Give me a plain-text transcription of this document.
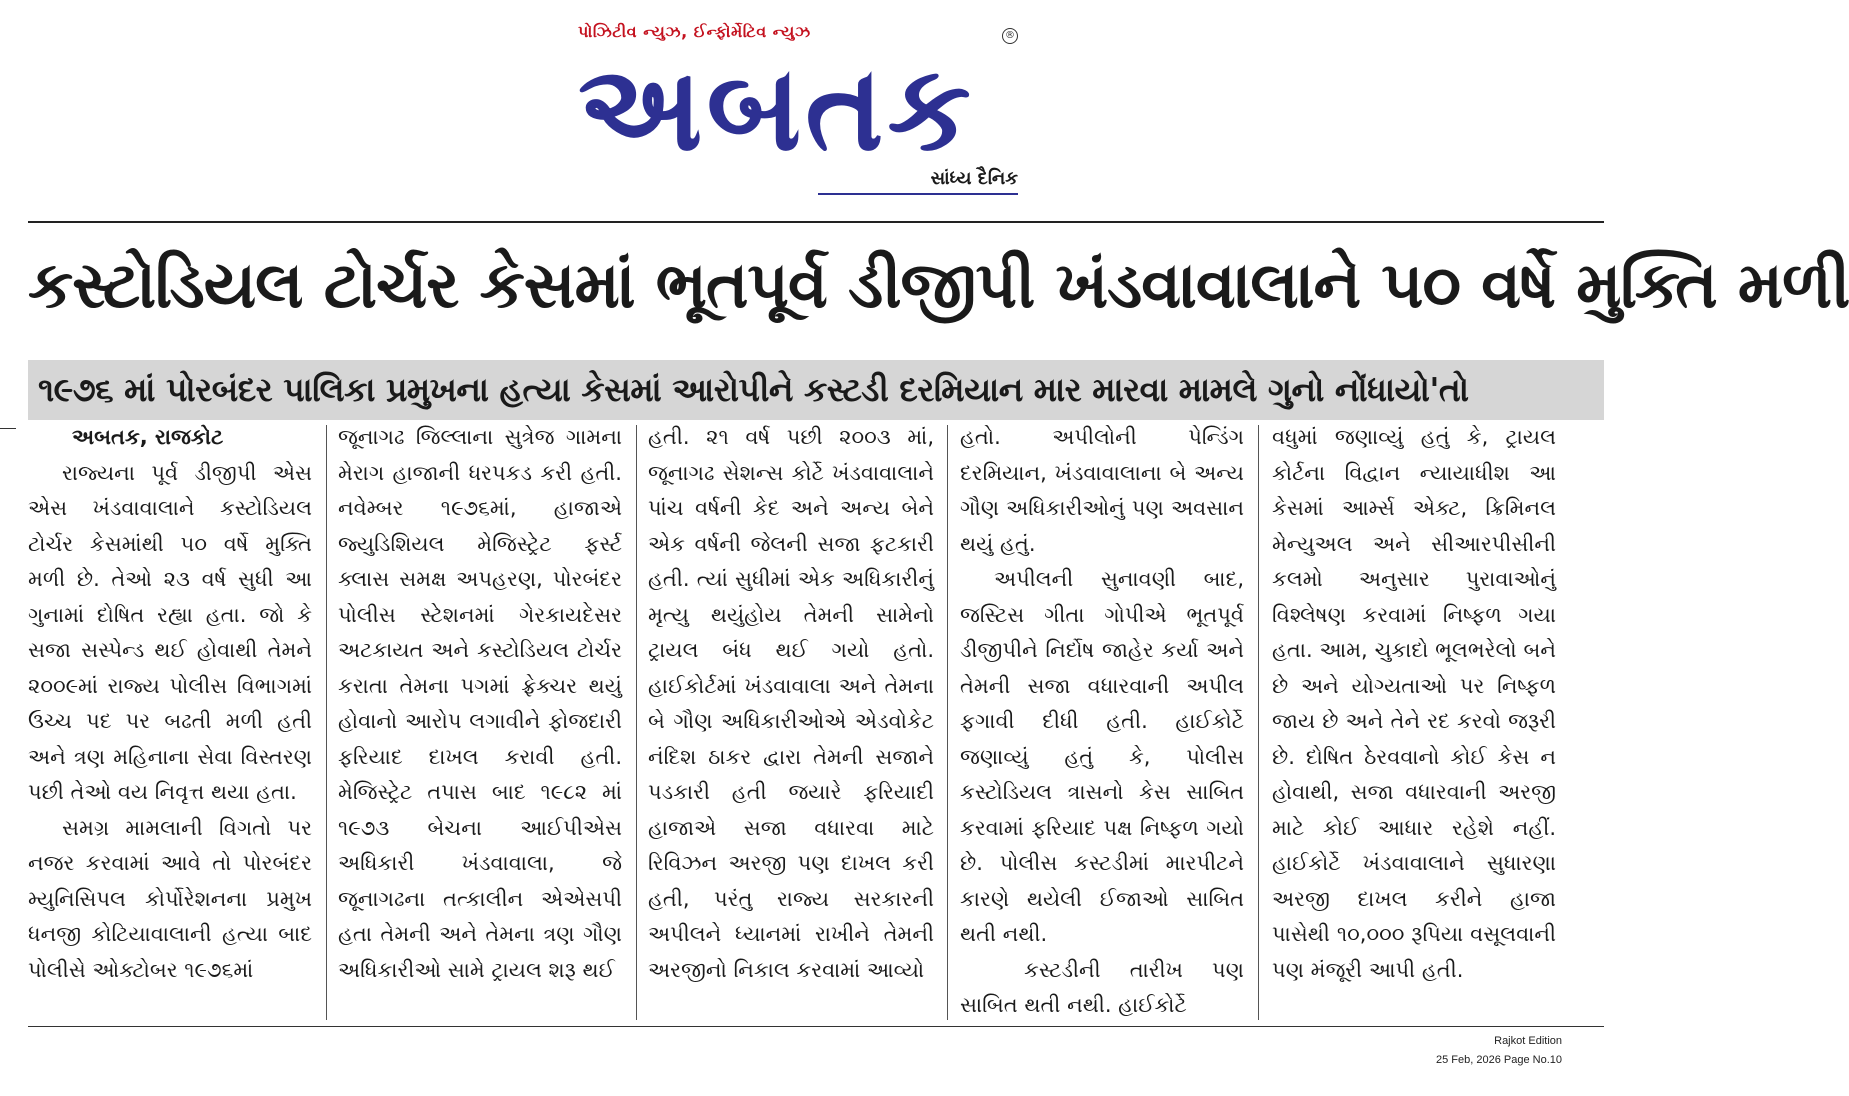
પોઝિટીવ ન્યુઝ, ઈન્ફોર્મેટિવ ન્યુઝ
અબતક
®
સાંધ્ય દૈનિક
કસ્ટોડિયલ ટોર્ચર કેસમાં ભૂતપૂર્વ ડીજીપી ખંડવાવાલાને ૫૦ વર્ષે મુક્તિ મળી
૧૯૭૬ માં પોરબંદર પાલિકા પ્રમુખના હત્યા કેસમાં આરોપીને કસ્ટડી દરમિયાન માર મારવા મામલે ગુનો નોંધાયો'તો

અબતક, રાજકોટ

રાજ્યના પૂર્વ ડીજીપી એસ એસ ખંડવાવાલાને કસ્ટોડિયલ ટોર્ચર કેસમાંથી ૫૦ વર્ષે મુક્તિ મળી છે. તેઓ ૨૩ વર્ષ સુધી આ ગુનામાં દોષિત રહ્યા હતા. જો કે સજા સસ્પેન્ડ થઈ હોવાથી તેમને ૨૦૦૯માં રાજ્ય પોલીસ વિભાગમાં ઉચ્ચ પદ પર બઢતી મળી હતી અને ત્રણ મહિનાના સેવા વિસ્તરણ પછી તેઓ વય નિવૃત્ત થયા હતા.

સમગ્ર મામલાની વિગતો પર નજર કરવામાં આવે તો પોરબંદર મ્યુનિસિપલ કોર્પોરેશનના પ્રમુખ ધનજી કોટિયાવાલાની હત્યા બાદ પોલીસે ઓક્ટોબર ૧૯૭૬માં

જૂનાગઢ જિલ્લાના સુત્રેજ ગામના મેરાગ હાજાની ધરપકડ કરી હતી. નવેમ્બર ૧૯૭૬માં, હાજાએ જ્યુડિશિયલ મેજિસ્ટ્રેટ ફર્સ્ટ ક્લાસ સમક્ષ અપહરણ, પોરબંદર પોલીસ સ્ટેશનમાં ગેરકાયદેસર અટકાયત અને કસ્ટોડિયલ ટોર્ચર કરાતા તેમના પગમાં ફ્રેક્ચર થયું હોવાનો આરોપ લગાવીને ફોજદારી ફરિયાદ દાખલ કરાવી હતી. મેજિસ્ટ્રેટ તપાસ બાદ ૧૯૮૨ માં ૧૯૭૩ બેચના આઈપીએસ અધિકારી ખંડવાવાલા, જે જૂનાગઢના તત્કાલીન એએસપી હતા તેમની અને તેમના ત્રણ ગૌણ અધિકારીઓ સામે ટ્રાયલ શરૂ થઈ

હતી. ૨૧ વર્ષ પછી ૨૦૦૩ માં, જૂનાગઢ સેશન્સ કોર્ટે ખંડવાવાલાને પાંચ વર્ષની કેદ અને અન્ય બેને એક વર્ષની જેલની સજા ફટકારી હતી. ત્યાં સુધીમાં એક અધિકારીનું મૃત્યુ થયુંહોય તેમની સામેનો ટ્રાયલ બંધ થઈ ગયો હતો. હાઈકોર્ટમાં ખંડવાવાલા અને તેમના બે ગૌણ અધિકારીઓએ એડવોકેટ નંદિશ ઠાકર દ્વારા તેમની સજાને પડકારી હતી જયારે ફરિયાદી હાજાએ સજા વધારવા માટે રિવિઝન અરજી પણ દાખલ કરી હતી, પરંતુ રાજ્ય સરકારની અપીલને ધ્યાનમાં રાખીને તેમની અરજીનો નિકાલ કરવામાં આવ્યો

હતો. અપીલોની પેન્ડિંગ દરમિયાન, ખંડવાવાલાના બે અન્ય ગૌણ અધિકારીઓનું પણ અવસાન થયું હતું.

અપીલની સુનાવણી બાદ, જસ્ટિસ ગીતા ગોપીએ ભૂતપૂર્વ ડીજીપીને નિર્દોષ જાહેર કર્યા અને તેમની સજા વધારવાની અપીલ ફગાવી દીધી હતી. હાઈકોર્ટે જણાવ્યું હતું કે, પોલીસ કસ્ટોડિયલ ત્રાસનો કેસ સાબિત કરવામાં ફરિયાદ પક્ષ નિષ્ફળ ગયો છે. પોલીસ કસ્ટડીમાં મારપીટને કારણે થયેલી ઈજાઓ સાબિત થતી નથી.

કસ્ટડીની તારીખ પણ સાબિત થતી નથી. હાઈકોર્ટે

વધુમાં જણાવ્યું હતું કે, ટ્રાયલ કોર્ટના વિદ્વાન ન્યાયાધીશ આ કેસમાં આર્મ્સ એક્ટ, ક્રિમિનલ મેન્યુઅલ અને સીઆરપીસીની કલમો અનુસાર પુરાવાઓનું વિશ્લેષણ કરવામાં નિષ્ફળ ગયા હતા. આમ, ચુકાદો ભૂલભરેલો બને છે અને યોગ્યતાઓ પર નિષ્ફળ જાય છે અને તેને રદ કરવો જરૂરી છે. દોષિત ઠેરવવાનો કોઈ કેસ ન હોવાથી, સજા વધારવાની અરજી માટે કોઈ આધાર રહેશે નહીં. હાઈકોર્ટે ખંડવાવાલાને સુધારણા અરજી દાખલ કરીને હાજા પાસેથી ૧૦,૦૦૦ રૂપિયા વસૂલવાની પણ મંજૂરી આપી હતી.

Rajkot Edition
25 Feb, 2026 Page No.10
